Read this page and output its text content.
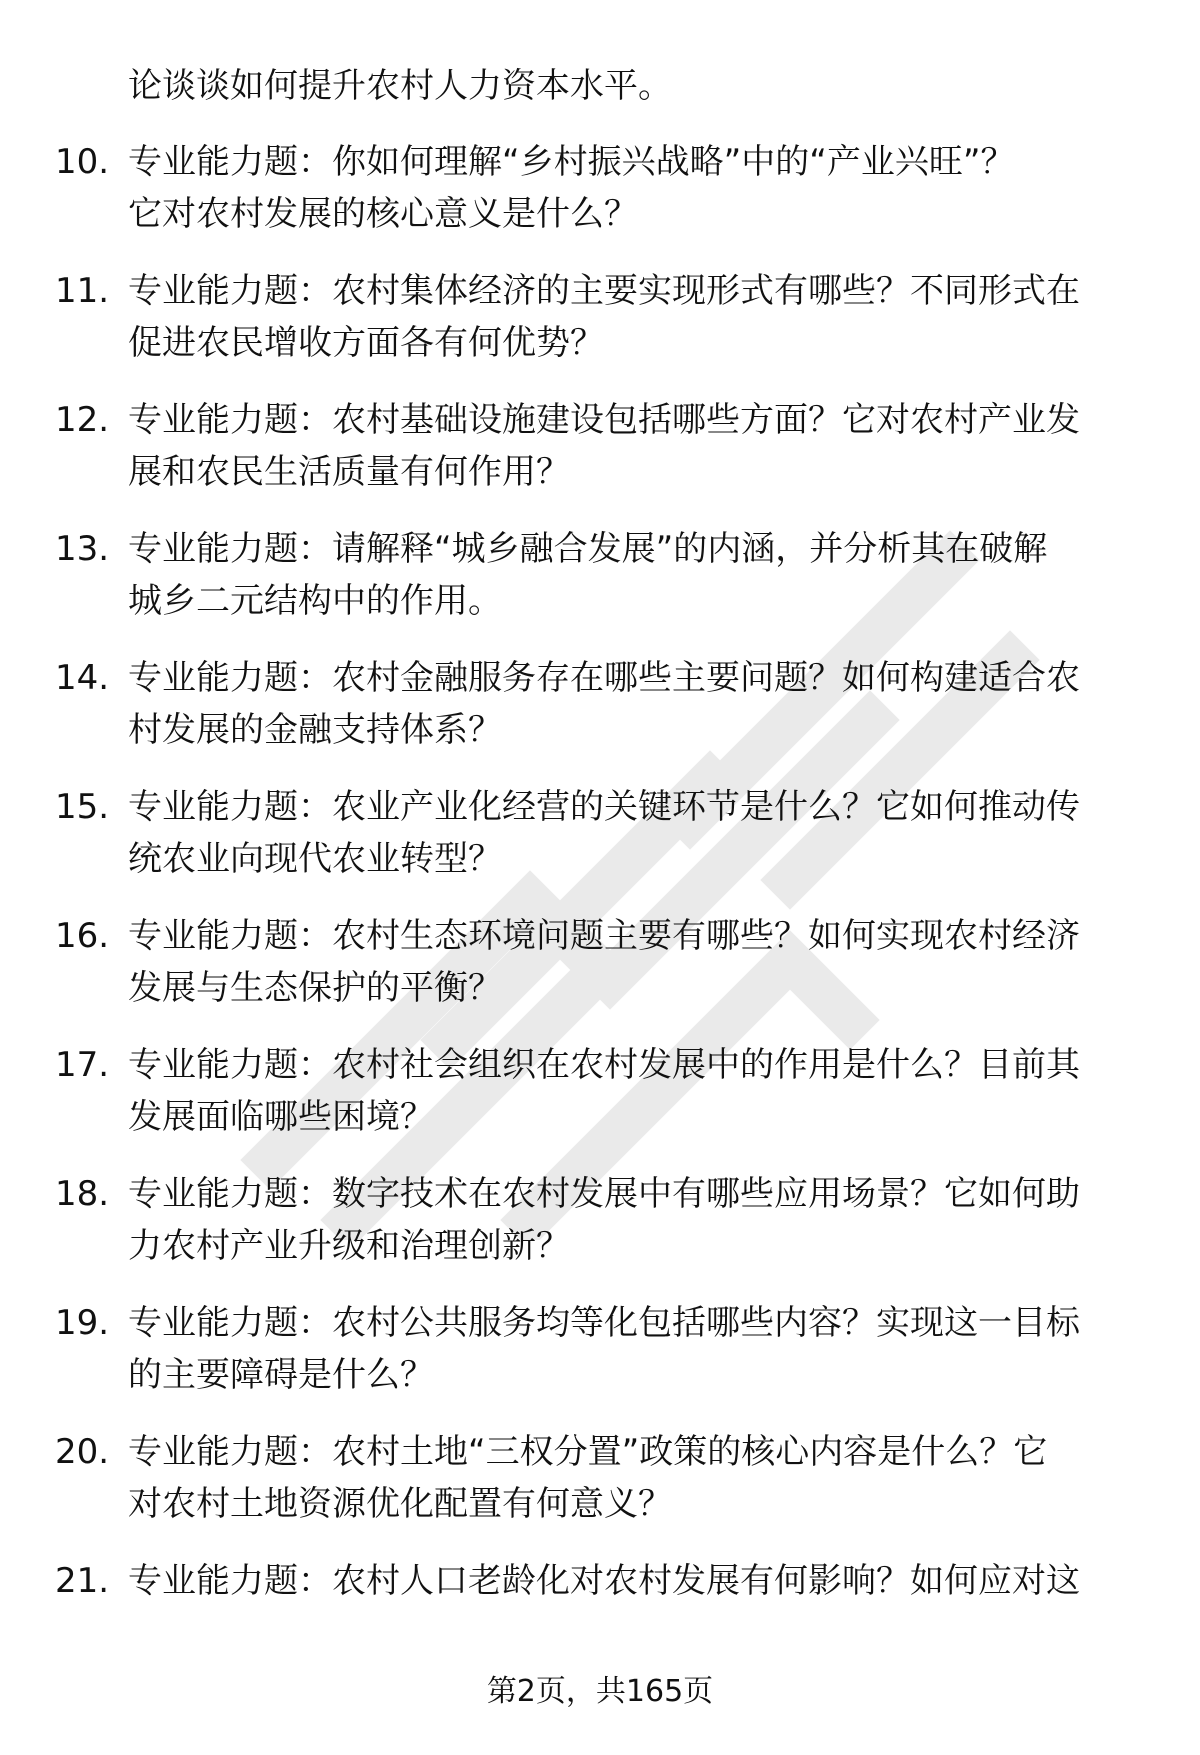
论谈谈如何提升农村人力资本水平。
10. 专业能力题：你如何理解“乡村振兴战略”中的“产业兴旺”？
它对农村发展的核心意义是什么？
11. 专业能力题：农村集体经济的主要实现形式有哪些？不同形式在
促进农民增收方面各有何优势？
12. 专业能力题：农村基础设施建设包括哪些方面？它对农村产业发
展和农民生活质量有何作用？
13. 专业能力题：请解释“城乡融合发展”的内涵，并分析其在破解
城乡二元结构中的作用。
14. 专业能力题：农村金融服务存在哪些主要问题？如何构建适合农
村发展的金融支持体系？
15. 专业能力题：农业产业化经营的关键环节是什么？它如何推动传
统农业向现代农业转型？
16. 专业能力题：农村生态环境问题主要有哪些？如何实现农村经济
发展与生态保护的平衡？
17. 专业能力题：农村社会组织在农村发展中的作用是什么？目前其
发展面临哪些困境？
18. 专业能力题：数字技术在农村发展中有哪些应用场景？它如何助
力农村产业升级和治理创新？
19. 专业能力题：农村公共服务均等化包括哪些内容？实现这一目标
的主要障碍是什么？
20. 专业能力题：农村土地“三权分置”政策的核心内容是什么？它
对农村土地资源优化配置有何意义？
21. 专业能力题：农村人口老龄化对农村发展有何影响？如何应对这
第2页，共165页
